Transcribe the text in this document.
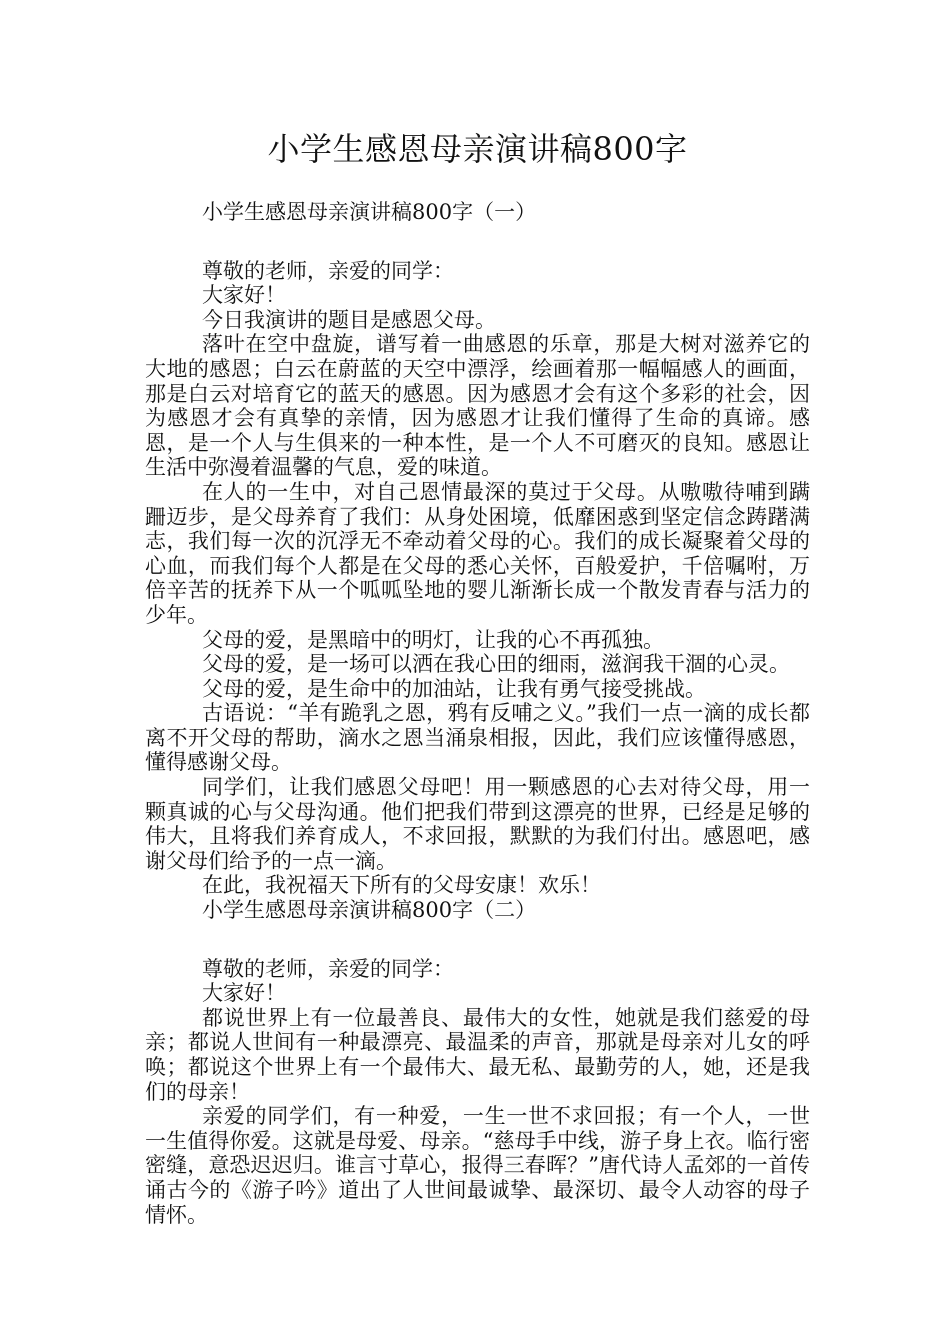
小学生感恩母亲演讲稿800字

小学生感恩母亲演讲稿800字（一）

尊敬的老师，亲爱的同学：

大家好！

今日我演讲的题目是感恩父母。

落叶在空中盘旋，谱写着一曲感恩的乐章，那是大树对滋养它的大地的感恩；白云在蔚蓝的天空中漂浮，绘画着那一幅幅感人的画面，那是白云对培育它的蓝天的感恩。因为感恩才会有这个多彩的社会，因为感恩才会有真挚的亲情，因为感恩才让我们懂得了生命的真谛。感恩，是一个人与生俱来的一种本性，是一个人不可磨灭的良知。感恩让生活中弥漫着温馨的气息，爱的味道。

在人的一生中，对自己恩情最深的莫过于父母。从嗷嗷待哺到蹒跚迈步，是父母养育了我们：从身处困境，低靡困惑到坚定信念踌躇满志，我们每一次的沉浮无不牵动着父母的心。我们的成长凝聚着父母的心血，而我们每个人都是在父母的悉心关怀，百般爱护，千倍嘱咐，万倍辛苦的抚养下从一个呱呱坠地的婴儿渐渐长成一个散发青春与活力的少年。

父母的爱，是黑暗中的明灯，让我的心不再孤独。

父母的爱，是一场可以洒在我心田的细雨，滋润我干涸的心灵。

父母的爱，是生命中的加油站，让我有勇气接受挑战。

古语说：“羊有跪乳之恩，鸦有反哺之义。”我们一点一滴的成长都离不开父母的帮助，滴水之恩当涌泉相报，因此，我们应该懂得感恩，懂得感谢父母。

同学们，让我们感恩父母吧！用一颗感恩的心去对待父母，用一颗真诚的心与父母沟通。他们把我们带到这漂亮的世界，已经是足够的伟大，且将我们养育成人，不求回报，默默的为我们付出。感恩吧，感谢父母们给予的一点一滴。

在此，我祝福天下所有的父母安康！欢乐！

小学生感恩母亲演讲稿800字（二）

尊敬的老师，亲爱的同学：

大家好！

都说世界上有一位最善良、最伟大的女性，她就是我们慈爱的母亲；都说人世间有一种最漂亮、最温柔的声音，那就是母亲对儿女的呼唤；都说这个世界上有一个最伟大、最无私、最勤劳的人，她，还是我们的母亲！

亲爱的同学们，有一种爱，一生一世不求回报；有一个人，一世一生值得你爱。这就是母爱、母亲。“慈母手中线，游子身上衣。临行密密缝，意恐迟迟归。谁言寸草心，报得三春晖？”唐代诗人孟郊的一首传诵古今的《游子吟》道出了人世间最诚挚、最深切、最令人动容的母子情怀。
